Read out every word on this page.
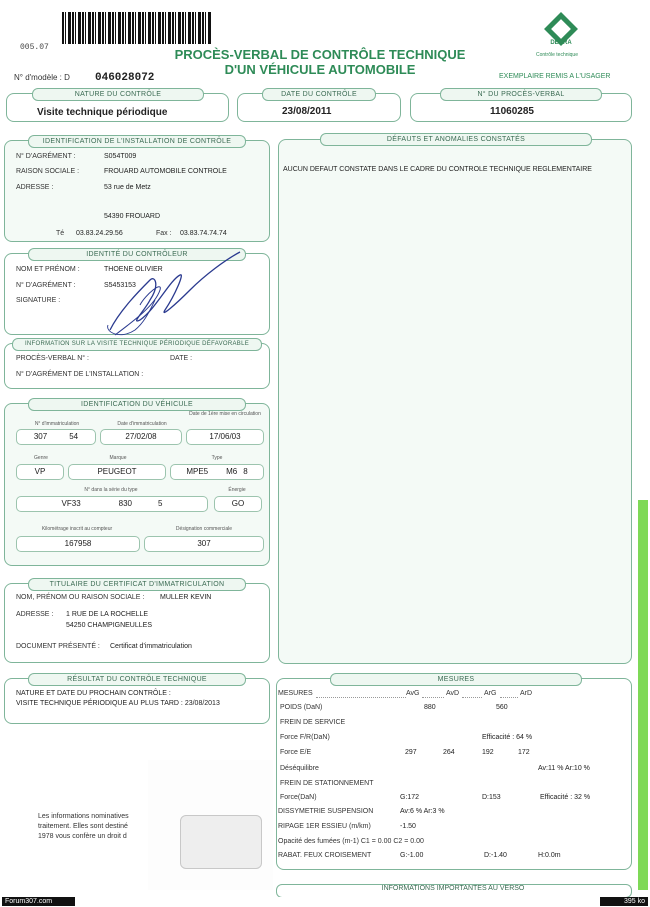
005.07
N° d'modèle : D 046028072
PROCÈS-VERBAL DE CONTRÔLE TECHNIQUE
D'UN VÉHICULE AUTOMOBILE
DEKRA
Contrôle technique
EXEMPLAIRE REMIS A L'USAGER
NATURE DU CONTRÔLE
Visite technique périodique
DATE DU CONTRÔLE
23/08/2011
N° DU PROCÈS-VERBAL
11060285
IDENTIFICATION DE L'INSTALLATION DE CONTRÔLE
N° D'AGRÉMENT :	S054T009
RAISON SOCIALE :	FROUARD AUTOMOBILE CONTROLE
ADRESSE :	53 rue de Metz
54390 FROUARD
Té 03.83.24.29.56	Fax : 03.83.74.74.74
IDENTITÉ DU CONTRÔLEUR
NOM ET PRÉNOM :	THOENE OLIVIER
N° D'AGRÉMENT :	S5453153
SIGNATURE :
INFORMATION SUR LA VISITE TECHNIQUE PÉRIODIQUE DÉFAVORABLE
PROCÈS-VERBAL N° :	DATE :
N° D'AGRÉMENT DE L'INSTALLATION :
IDENTIFICATION DU VÉHICULE
N° d'immatriculation
307	54
Date d'immatriculation
27/02/08
Date de 1ère mise en circulation
17/06/03
Genre
VP
Marque
PEUGEOT
Type
MPE5 M6 8
N° dans la série du type
VF33	830	5
Énergie
GO
Kilométrage inscrit au compteur
167958
Désignation commerciale
307
TITULAIRE DU CERTIFICAT D'IMMATRICULATION
NOM, PRÉNOM OU RAISON SOCIALE : MULLER KEVIN
ADRESSE : 1 RUE DE LA ROCHELLE
54250 CHAMPIGNEULLES
DOCUMENT PRÉSENTÉ : Certificat d'immatriculation
RÉSULTAT DU CONTRÔLE TECHNIQUE
NATURE ET DATE DU PROCHAIN CONTRÔLE :
VISITE TECHNIQUE PÉRIODIQUE AU PLUS TARD : 23/08/2013
Les informations nominatives
traitement. Elles sont destiné
1978 vous confère un droit d
DÉFAUTS ET ANOMALIES CONSTATÉS
AUCUN DEFAUT CONSTATE DANS LE CADRE DU CONTROLE TECHNIQUE REGLEMENTAIRE
MESURES
MESURES	AvG	AvD	ArG	ArD
POIDS (DaN)	880	560
FREIN DE SERVICE
Force F/R(DaN)	Efficacité : 64 %
Force E/E	297	264	192	172
Déséquilibre	Av:11 % Ar:10 %
FREIN DE STATIONNEMENT
Force(DaN)	G:172	D:153	Efficacité : 32 %
DISSYMETRIE SUSPENSION	Av:6 % Ar:3 %
RIPAGE 1ER ESSIEU (m/km)	-1.50
Opacité des fumées (m-1) C1 = 0.00 C2 = 0.00
RABAT. FEUX CROISEMENT	G:-1.00	D:-1.40	H:0.0m
INFORMATIONS IMPORTANTES AU VERSO
Forum307.com	395 ko
